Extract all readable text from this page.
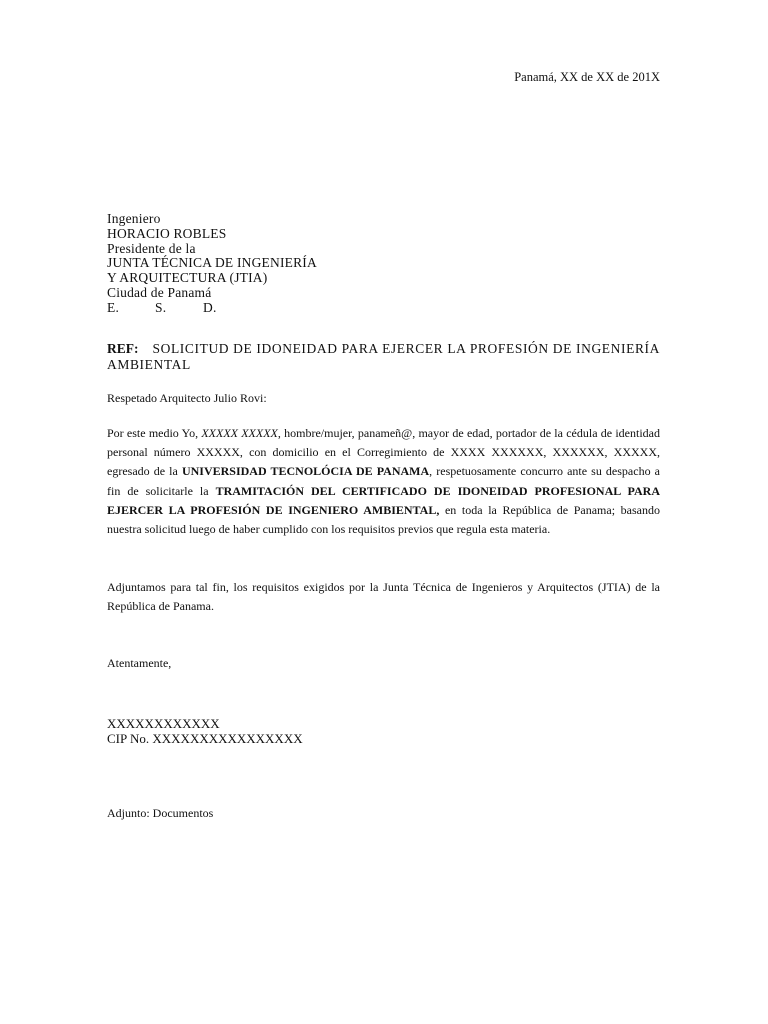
Panamá, XX de XX de 201X
Ingeniero
HORACIO ROBLES
Presidente de la
JUNTA TÉCNICA DE INGENIERÍA
Y ARQUITECTURA (JTIA)
Ciudad de Panamá
E.	S.	D.
REF: SOLICITUD DE IDONEIDAD PARA EJERCER LA PROFESIÓN DE INGENIERÍA AMBIENTAL
Respetado Arquitecto Julio Rovi:
Por este medio Yo, XXXXX XXXXX, hombre/mujer, panameñ@, mayor de edad, portador de la cédula de identidad personal número XXXXX, con domicilio en el Corregimiento de XXXX XXXXXX, XXXXXX, XXXXX, egresado de la UNIVERSIDAD TECNOLÓCIA DE PANAMA, respetuosamente concurro ante su despacho a fin de solicitarle la TRAMITACIÓN DEL CERTIFICADO DE IDONEIDAD PROFESIONAL PARA EJERCER LA PROFESIÓN DE INGENIERO AMBIENTAL, en toda la República de Panama; basando nuestra solicitud luego de haber cumplido con los requisitos previos que regula esta materia.
Adjuntamos para tal fin, los requisitos exigidos por la Junta Técnica de Ingenieros y Arquitectos (JTIA) de la República de Panama.
Atentamente,
XXXXXXXXXXXX
CIP No. XXXXXXXXXXXXXXXX
Adjunto: Documentos
